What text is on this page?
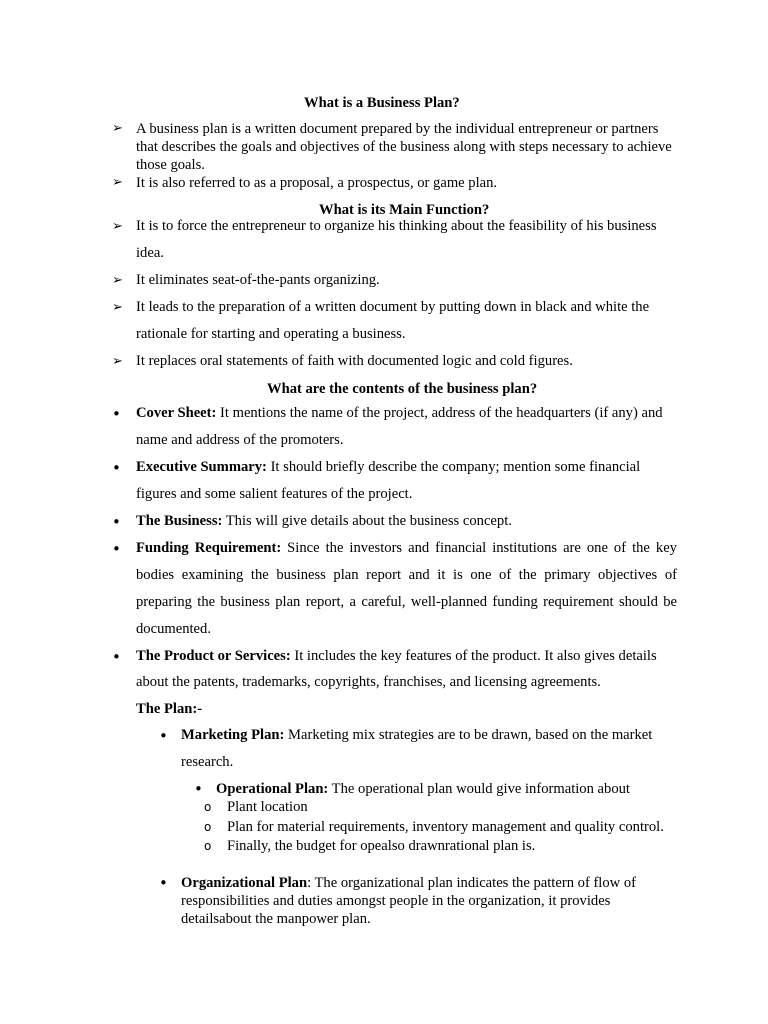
What is a Business Plan?
➢ A business plan is a written document prepared by the individual entrepreneur or partners that describes the goals and objectives of the business along with steps necessary to achieve those goals.

➢ It is also referred to as a proposal, a prospectus, or game plan.

What is its Main Function?
➢ It is to force the entrepreneur to organize his thinking about the feasibility of his business idea.

➢ It eliminates seat-of-the-pants organizing.

➢ It leads to the preparation of a written document by putting down in black and white the rationale for starting and operating a business.

➢ It replaces oral statements of faith with documented logic and cold figures.

What are the contents of the business plan?
• Cover Sheet: It mentions the name of the project, address of the headquarters (if any) and name and address of the promoters.

• Executive Summary: It should briefly describe the company; mention some financial figures and some salient features of the project.

• The Business: This will give details about the business concept.

• Funding Requirement: Since the investors and financial institutions are one of the key bodies examining the business plan report and it is one of the primary objectives of preparing the business plan report, a careful, well-planned funding requirement should be documented.

• The Product or Services: It includes the key features of the product. It also gives details about the patents, trademarks, copyrights, franchises, and licensing agreements.

The Plan:-
• Marketing Plan: Marketing mix strategies are to be drawn, based on the market research.

• Operational Plan: The operational plan would give information about

o Plant location

o Plan for material requirements, inventory management and quality control.

o Finally, the budget for opealso drawnrational plan is.

• Organizational Plan: The organizational plan indicates the pattern of flow of responsibilities and duties amongst people in the organization, it provides detailsabout the manpower plan.
